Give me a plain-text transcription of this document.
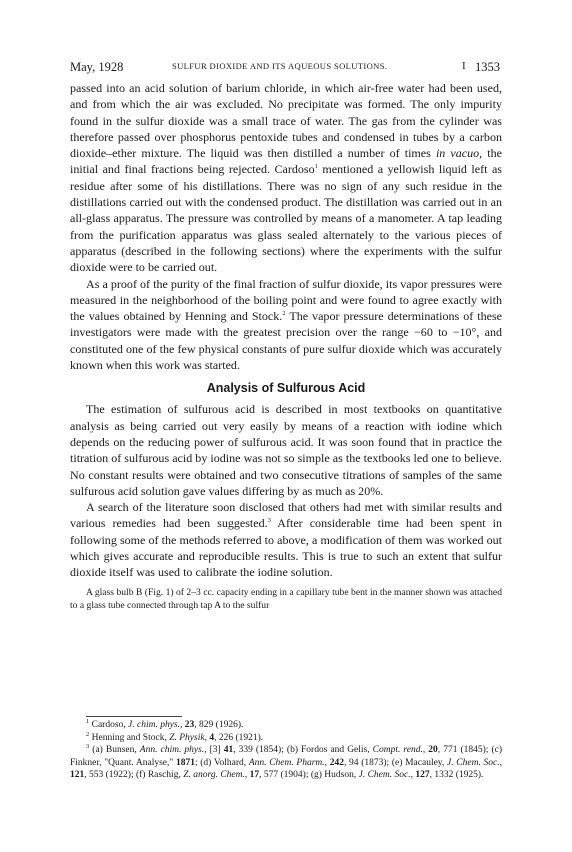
May, 1928	SULFUR DIOXIDE AND ITS AQUEOUS SOLUTIONS.	I 1353

passed into an acid solution of barium chloride, in which air-free water had been used, and from which the air was excluded. No precipitate was formed. The only impurity found in the sulfur dioxide was a small trace of water. The gas from the cylinder was therefore passed over phosphorus pentoxide tubes and condensed in tubes by a carbon dioxide–ether mixture. The liquid was then distilled a number of times in vacuo, the initial and final fractions being rejected. Cardoso$^1$ mentioned a yellowish liquid left as residue after some of his distillations. There was no sign of any such residue in the distillations carried out with the condensed product. The distillation was carried out in an all-glass apparatus. The pressure was controlled by means of a manometer. A tap leading from the purification apparatus was glass sealed alternately to the various pieces of apparatus (described in the following sections) where the experiments with the sulfur dioxide were to be carried out.

As a proof of the purity of the final fraction of sulfur dioxide, its vapor pressures were measured in the neighborhood of the boiling point and were found to agree exactly with the values obtained by Henning and Stock.$^2$ The vapor pressure determinations of these investigators were made with the greatest precision over the range −60 to −10°, and constituted one of the few physical constants of pure sulfur dioxide which was accurately known when this work was started.

Analysis of Sulfurous Acid

The estimation of sulfurous acid is described in most textbooks on quantitative analysis as being carried out very easily by means of a reaction with iodine which depends on the reducing power of sulfurous acid. It was soon found that in practice the titration of sulfurous acid by iodine was not so simple as the textbooks led one to believe. No constant results were obtained and two consecutive titrations of samples of the same sulfurous acid solution gave values differing by as much as 20%.

A search of the literature soon disclosed that others had met with similar results and various remedies had been suggested.$^3$ After considerable time had been spent in following some of the methods referred to above, a modification of them was worked out which gives accurate and reproducible results. This is true to such an extent that sulfur dioxide itself was used to calibrate the iodine solution.

A glass bulb B (Fig. 1) of 2–3 cc. capacity ending in a capillary tube bent in the manner shown was attached to a glass tube connected through tap A to the sulfur

$^1$ Cardoso, J. chim. phys., 23, 829 (1926).

$^2$ Henning and Stock, Z. Physik, 4, 226 (1921).

$^3$ (a) Bunsen, Ann. chim. phys., [3] 41, 339 (1854); (b) Fordos and Gelis, Compt. rend., 20, 771 (1845); (c) Finkner, "Quant. Analyse," 1871; (d) Volhard, Ann. Chem. Pharm., 242, 94 (1873); (e) Macauley, J. Chem. Soc., 121, 553 (1922); (f) Raschig, Z. anorg. Chem., 17, 577 (1904); (g) Hudson, J. Chem. Soc., 127, 1332 (1925).
